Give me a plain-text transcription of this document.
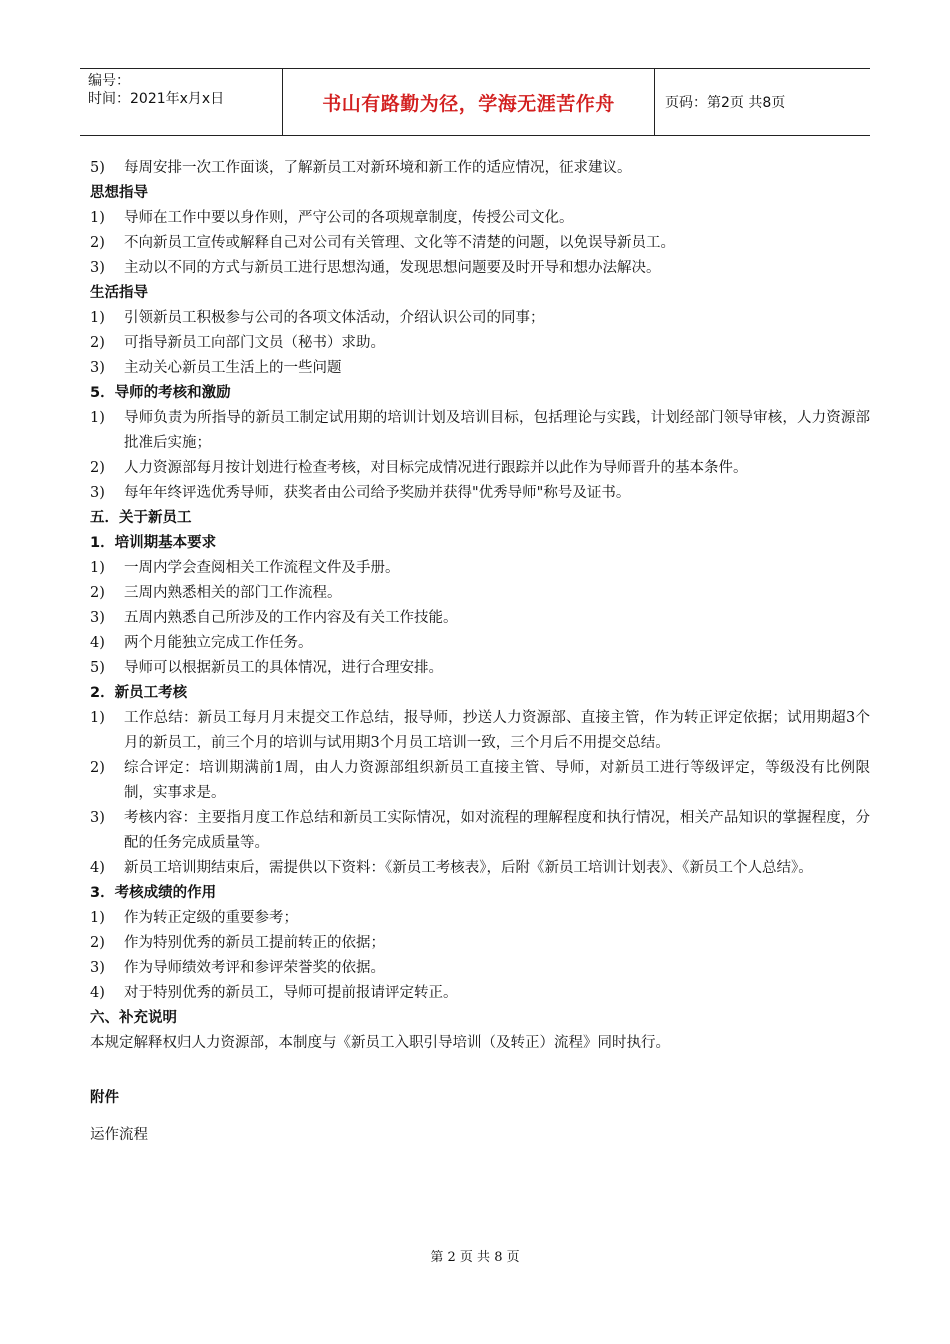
编号：
时间：2021年x月x日	书山有路勤为径，学海无涯苦作舟	页码：第2页 共8页
5)	每周安排一次工作面谈，了解新员工对新环境和新工作的适应情况，征求建议。
思想指导
1)	导师在工作中要以身作则，严守公司的各项规章制度，传授公司文化。
2)	不向新员工宣传或解释自己对公司有关管理、文化等不清楚的问题，以免误导新员工。
3)	主动以不同的方式与新员工进行思想沟通，发现思想问题要及时开导和想办法解决。
生活指导
1)	引领新员工积极参与公司的各项文体活动，介绍认识公司的同事；
2)	可指导新员工向部门文员（秘书）求助。
3)	主动关心新员工生活上的一些问题
5．导师的考核和激励
1)	导师负责为所指导的新员工制定试用期的培训计划及培训目标，包括理论与实践，计划经部门领导审核，人力资源部批准后实施；
2)	人力资源部每月按计划进行检查考核，对目标完成情况进行跟踪并以此作为导师晋升的基本条件。
3)	每年年终评选优秀导师，获奖者由公司给予奖励并获得"优秀导师"称号及证书。
五．关于新员工
1．培训期基本要求
1)	一周内学会查阅相关工作流程文件及手册。
2)	三周内熟悉相关的部门工作流程。
3)	五周内熟悉自己所涉及的工作内容及有关工作技能。
4)	两个月能独立完成工作任务。
5)	导师可以根据新员工的具体情况，进行合理安排。
2．新员工考核
1)	工作总结：新员工每月月末提交工作总结，报导师，抄送人力资源部、直接主管，作为转正评定依据；试用期超3个月的新员工，前三个月的培训与试用期3个月员工培训一致，三个月后不用提交总结。
2)	综合评定：培训期满前1周，由人力资源部组织新员工直接主管、导师，对新员工进行等级评定，等级没有比例限制，实事求是。
3)	考核内容：主要指月度工作总结和新员工实际情况，如对流程的理解程度和执行情况，相关产品知识的掌握程度，分配的任务完成质量等。
4)	新员工培训期结束后，需提供以下资料：《新员工考核表》，后附《新员工培训计划表》、《新员工个人总结》。
3．考核成绩的作用
1)	作为转正定级的重要参考；
2)	作为特别优秀的新员工提前转正的依据；
3)	作为导师绩效考评和参评荣誉奖的依据。
4)	对于特别优秀的新员工，导师可提前报请评定转正。
六、补充说明
本规定解释权归人力资源部，本制度与《新员工入职引导培训（及转正）流程》同时执行。
附件
运作流程
第 2 页 共 8 页
